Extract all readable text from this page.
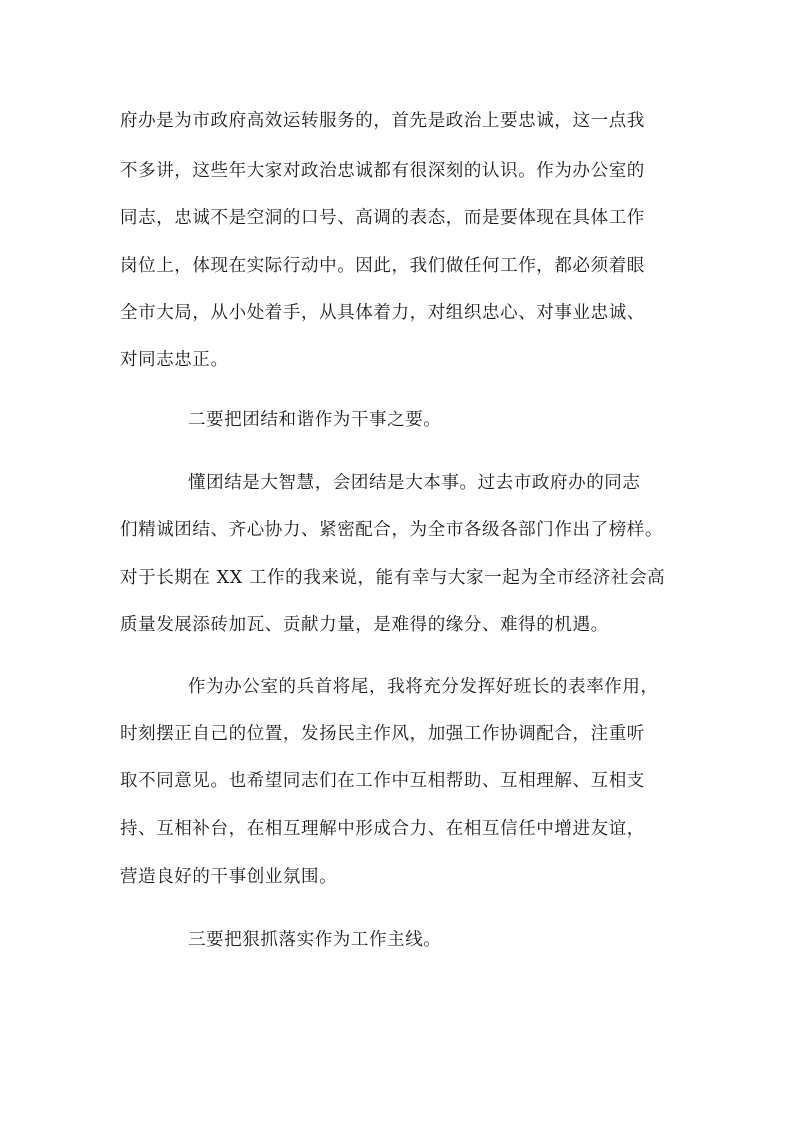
府办是为市政府高效运转服务的，首先是政治上要忠诚，这一点我
不多讲，这些年大家对政治忠诚都有很深刻的认识。作为办公室的
同志，忠诚不是空洞的口号、高调的表态，而是要体现在具体工作
岗位上，体现在实际行动中。因此，我们做任何工作，都必须着眼
全市大局，从小处着手，从具体着力，对组织忠心、对事业忠诚、
对同志忠正。
二要把团结和谐作为干事之要。
懂团结是大智慧，会团结是大本事。过去市政府办的同志
们精诚团结、齐心协力、紧密配合，为全市各级各部门作出了榜样。
对于长期在 XX 工作的我来说，能有幸与大家一起为全市经济社会高
质量发展添砖加瓦、贡献力量，是难得的缘分、难得的机遇。
作为办公室的兵首将尾，我将充分发挥好班长的表率作用，
时刻摆正自己的位置，发扬民主作风，加强工作协调配合，注重听
取不同意见。也希望同志们在工作中互相帮助、互相理解、互相支
持、互相补台，在相互理解中形成合力、在相互信任中增进友谊，
营造良好的干事创业氛围。
三要把狠抓落实作为工作主线。
